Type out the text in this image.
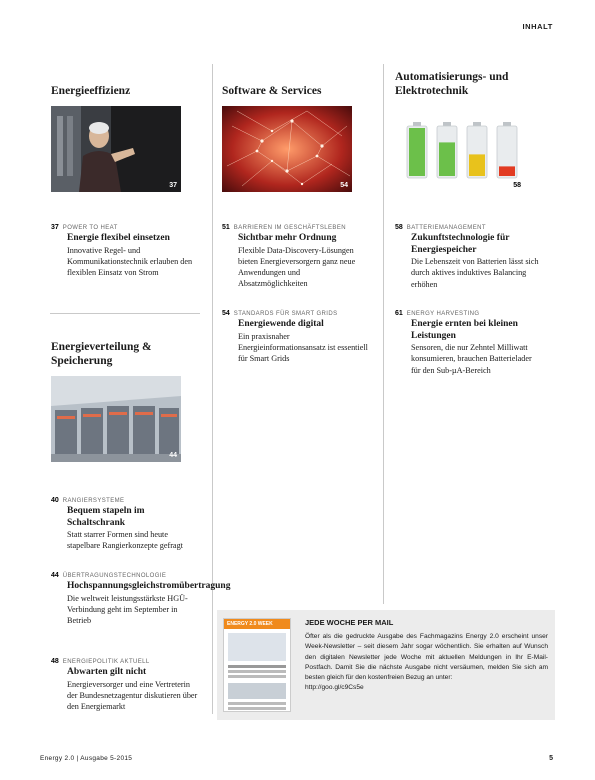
INHALT
Energieeffizienz
37
37 POWER TO HEAT
Energie flexibel einsetzen
Innovative Regel- und Kommunikationstechnik erlauben den flexiblen Einsatz von Strom
Energieverteilung & Speicherung
44
40 RANGIERSYSTEME
Bequem stapeln im Schaltschrank
Statt starrer Formen sind heute stapelbare Rangierkonzepte gefragt
44 ÜBERTRAGUNGSTECHNOLOGIE
Hochspannungsgleichstromübertragung
Die weltweit leistungsstärkste HGÜ-Verbindung geht im September in Betrieb
48 ENERGIEPOLITIK AKTUELL
Abwarten gilt nicht
Energieversorger und eine Vertreterin der Bundesnetzagentur diskutieren über den Energiemarkt
Software & Services
54
51 BARRIEREN IM GESCHÄFTSLEBEN
Sichtbar mehr Ordnung
Flexible Data-Discovery-Lösungen bieten Energieversorgern ganz neue Anwendungen und Absatzmöglichkeiten
54 STANDARDS FÜR SMART GRIDS
Energiewende digital
Ein praxisnaher Energieinformationsansatz ist essentiell für Smart Grids
Automatisierungs- und Elektrotechnik
58
58 BATTERIEMANAGEMENT
Zukunftstechnologie für Energiespeicher
Die Lebenszeit von Batterien lässt sich durch aktives induktives Balancing erhöhen
61 ENERGY HARVESTING
Energie ernten bei kleinen Leistungen
Sensoren, die nur Zehntel Milliwatt konsumieren, brauchen Batterielader für den Sub-µA-Bereich
ENERGY 2.0 WEEK	JEDE WOCHE PER MAIL
Öfter als die gedruckte Ausgabe des Fachmagazins Energy 2.0 erscheint unser Week-Newsletter – seit diesem Jahr sogar wöchentlich. Sie erhalten auf Wunsch den digitalen Newsletter jede Woche mit aktuellen Meldungen in Ihr E-Mail-Postfach. Damit Sie die nächste Ausgabe nicht versäumen, melden Sie sich am besten gleich für den kostenfreien Bezug an unter:
http://goo.gl/c9Cs5e
Energy 2.0 | Ausgabe 5-2015	5
